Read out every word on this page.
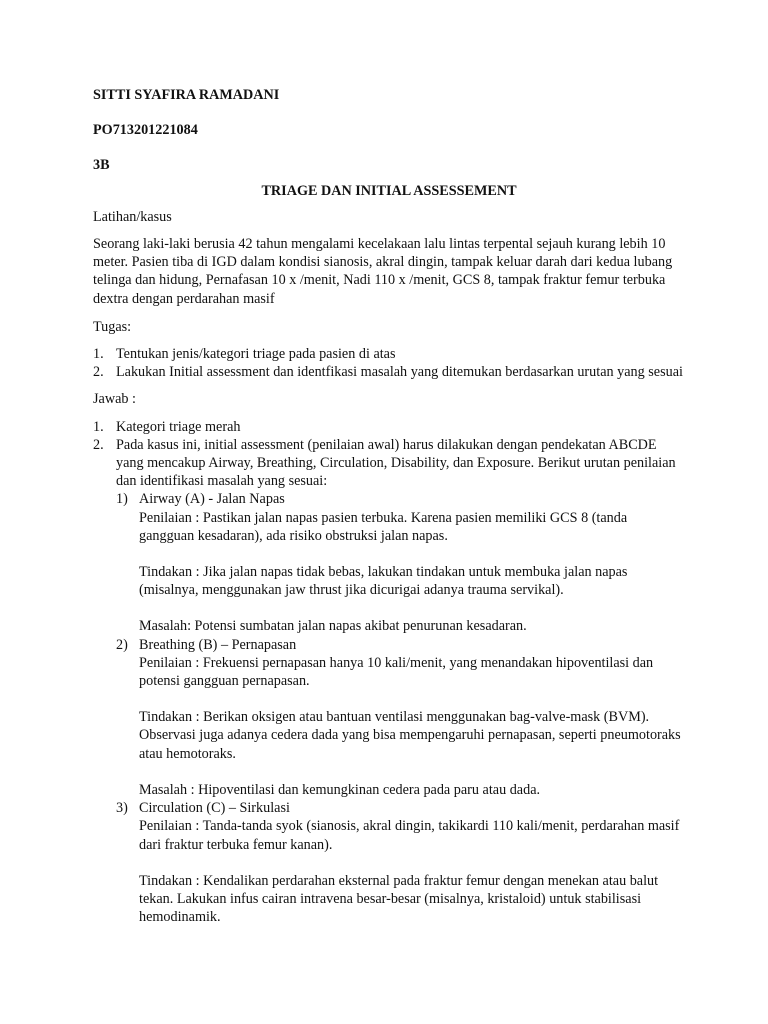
SITTI SYAFIRA RAMADANI

PO713201221084

3B

TRIAGE DAN INITIAL ASSESSEMENT

Latihan/kasus

Seorang laki-laki berusia 42 tahun mengalami kecelakaan lalu lintas terpental sejauh kurang lebih 10 meter. Pasien tiba di IGD dalam kondisi sianosis, akral dingin, tampak keluar darah dari kedua lubang telinga dan hidung, Pernafasan 10 x /menit, Nadi 110 x /menit, GCS 8, tampak fraktur femur terbuka dextra dengan perdarahan masif

Tugas:

1. Tentukan jenis/kategori triage pada pasien di atas
2. Lakukan Initial assessment dan identfikasi masalah yang ditemukan berdasarkan urutan yang sesuai

Jawab :

1. Kategori triage merah
2. Pada kasus ini, initial assessment (penilaian awal) harus dilakukan dengan pendekatan ABCDE yang mencakup Airway, Breathing, Circulation, Disability, dan Exposure. Berikut urutan penilaian dan identifikasi masalah yang sesuai:
1) Airway (A) - Jalan Napas
Penilaian : Pastikan jalan napas pasien terbuka. Karena pasien memiliki GCS 8 (tanda gangguan kesadaran), ada risiko obstruksi jalan napas.
Tindakan : Jika jalan napas tidak bebas, lakukan tindakan untuk membuka jalan napas (misalnya, menggunakan jaw thrust jika dicurigai adanya trauma servikal).
Masalah: Potensi sumbatan jalan napas akibat penurunan kesadaran.
2) Breathing (B) – Pernapasan
Penilaian : Frekuensi pernapasan hanya 10 kali/menit, yang menandakan hipoventilasi dan potensi gangguan pernapasan.
Tindakan : Berikan oksigen atau bantuan ventilasi menggunakan bag-valve-mask (BVM). Observasi juga adanya cedera dada yang bisa mempengaruhi pernapasan, seperti pneumotoraks atau hemotoraks.
Masalah : Hipoventilasi dan kemungkinan cedera pada paru atau dada.
3) Circulation (C) – Sirkulasi
Penilaian : Tanda-tanda syok (sianosis, akral dingin, takikardi 110 kali/menit, perdarahan masif dari fraktur terbuka femur kanan).
Tindakan : Kendalikan perdarahan eksternal pada fraktur femur dengan menekan atau balut tekan. Lakukan infus cairan intravena besar-besar (misalnya, kristaloid) untuk stabilisasi hemodinamik.
